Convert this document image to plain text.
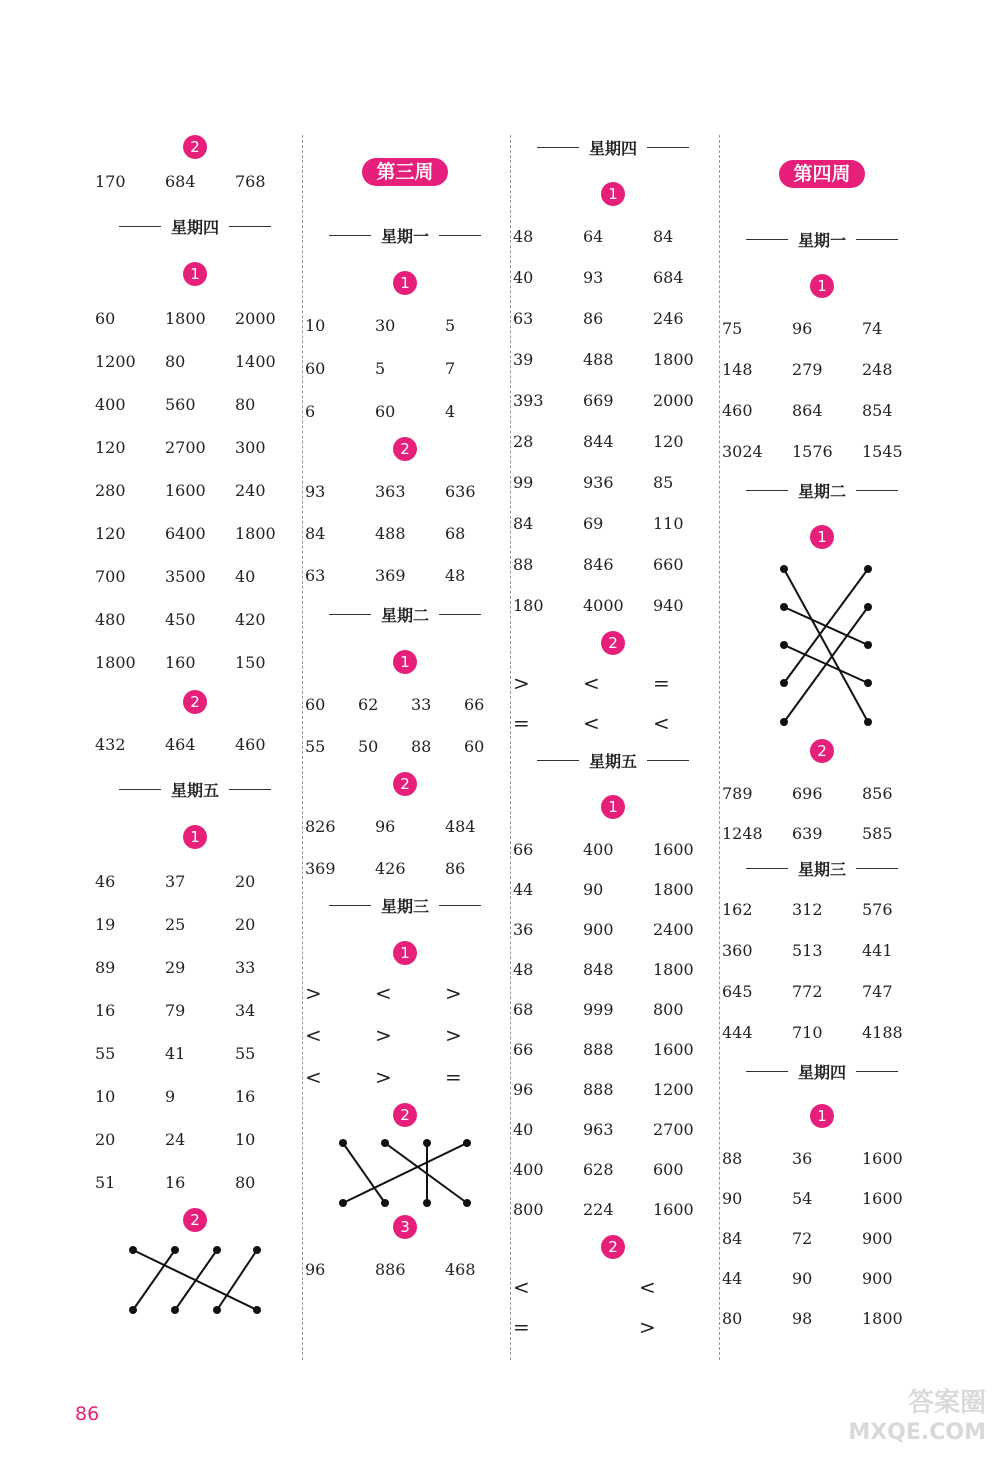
2
170	684	768
星期四
1
60	1800	2000
1200	80	1400
400	560	80
120	2700	300
280	1600	240
120	6400	1800
700	3500	40
480	450	420
1800	160	150
2
432	464	460
星期五
1
46	37	20
19	25	20
89	29	33
16	79	34
55	41	55
10	9	16
20	24	10
51	16	80
2
第三周
星期一
1
10	30	5
60	5	7
6	60	4
2
93	363	636
84	488	68
63	369	48
星期二
1
60	62	33	66
55	50	88	60
2
826	96	484
369	426	86
星期三
1
>	<	>
<	>	>
<	>	=
2
3
96	886	468
星期四
1
48	64	84
40	93	684
63	86	246
39	488	1800
393	669	2000
28	844	120
99	936	85
84	69	110
88	846	660
180	4000	940
2
>	<	=
=	<	<
星期五
1
66	400	1600
44	90	1800
36	900	2400
48	848	1800
68	999	800
66	888	1600
96	888	1200
40	963	2700
400	628	600
800	224	1600
2
<	<
=	>
第四周
星期一
1
75	96	74
148	279	248
460	864	854
3024	1576	1545
星期二
1
2
789	696	856
1248	639	585
星期三
162	312	576
360	513	441
645	772	747
444	710	4188
星期四
1
88	36	1600
90	54	1600
84	72	900
44	90	900
80	98	1800
86	答案圈
MXQE.COM
